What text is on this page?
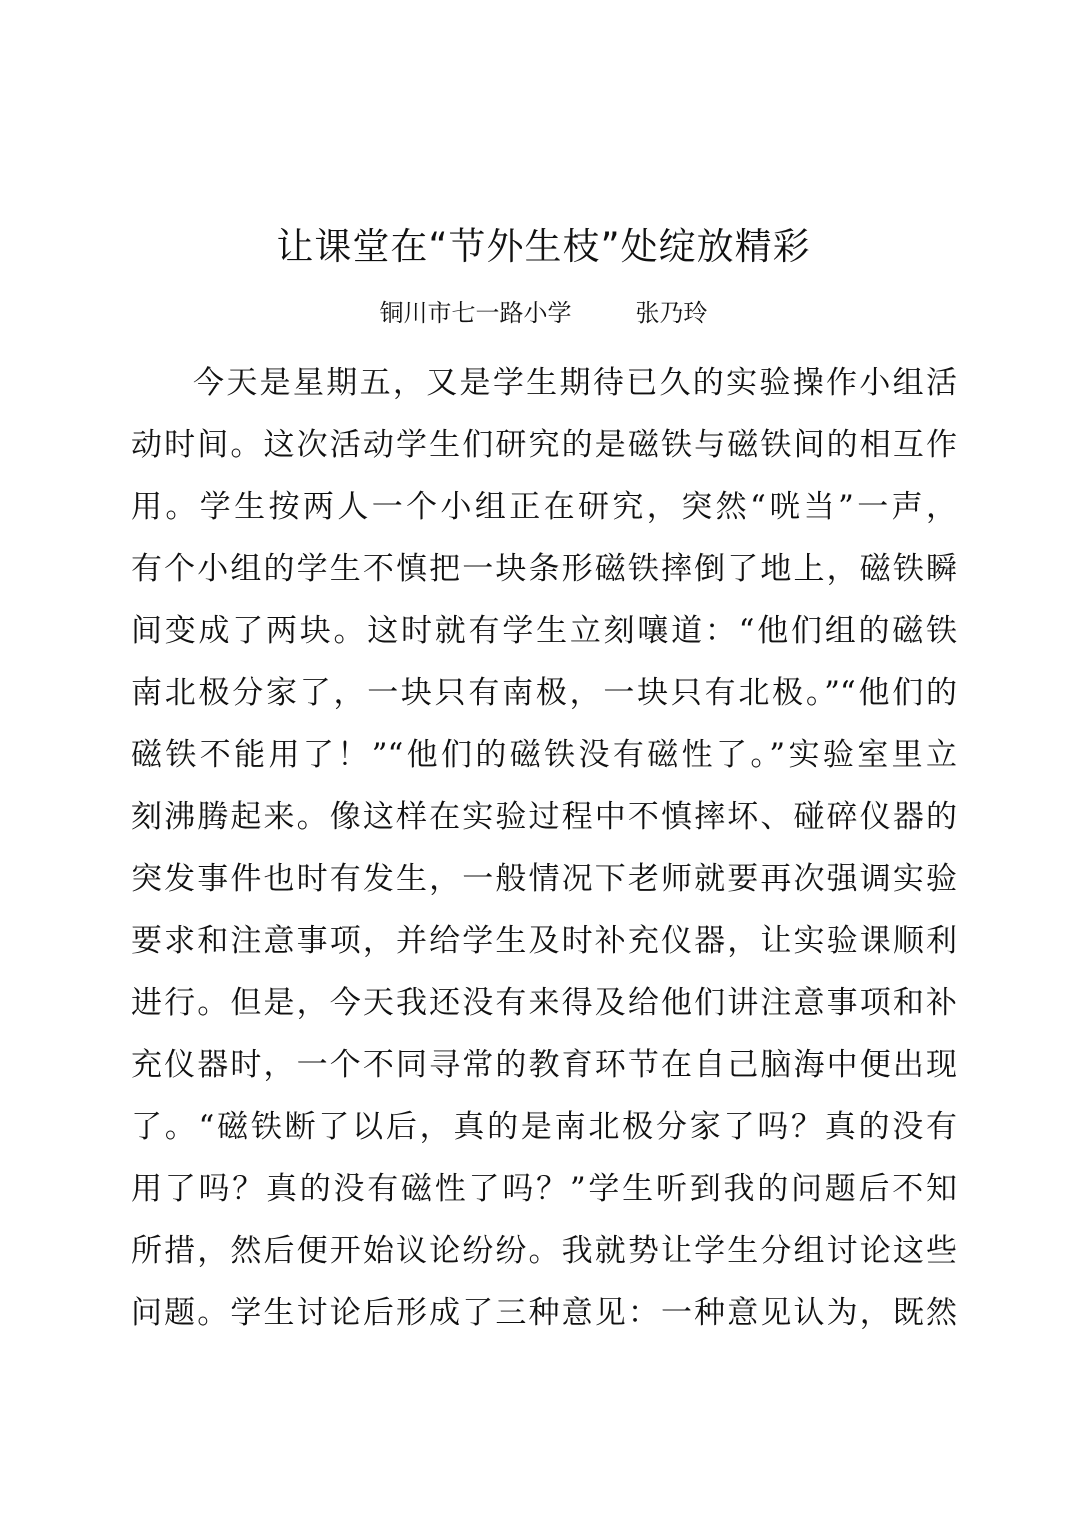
让课堂在“节外生枝”处绽放精彩
铜川市七一路小学	张乃玲
今天是星期五，又是学生期待已久的实验操作小组活
动时间。这次活动学生们研究的是磁铁与磁铁间的相互作
用。学生按两人一个小组正在研究，突然“咣当”一声，
有个小组的学生不慎把一块条形磁铁摔倒了地上，磁铁瞬
间变成了两块。这时就有学生立刻嚷道：“他们组的磁铁
南北极分家了，一块只有南极，一块只有北极。”“他们的
磁铁不能用了！”“他们的磁铁没有磁性了。”实验室里立
刻沸腾起来。像这样在实验过程中不慎摔坏、碰碎仪器的
突发事件也时有发生，一般情况下老师就要再次强调实验
要求和注意事项，并给学生及时补充仪器，让实验课顺利
进行。但是，今天我还没有来得及给他们讲注意事项和补
充仪器时，一个不同寻常的教育环节在自己脑海中便出现
了。“磁铁断了以后，真的是南北极分家了吗？真的没有
用了吗？真的没有磁性了吗？”学生听到我的问题后不知
所措，然后便开始议论纷纷。我就势让学生分组讨论这些
问题。学生讨论后形成了三种意见：一种意见认为，既然
